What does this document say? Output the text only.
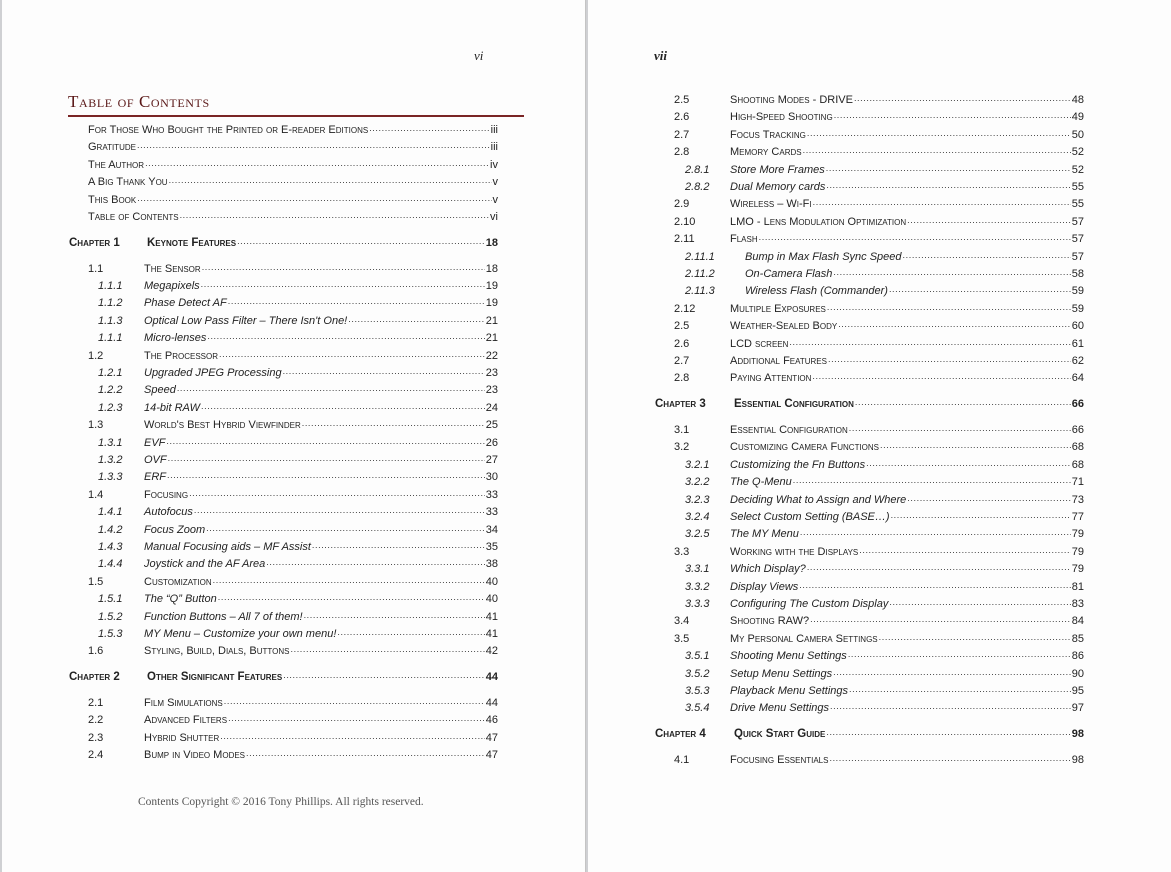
vi
Table of Contents
For Those Who Bought the Printed or E-reader Editions .....	iii
Gratitude .....	iii
The Author .....	iv
A Big Thank You .....	v
This Book .....	v
Table of Contents .....	vi
Chapter 1	Keynote Features .....	18
1.1	The Sensor .....	18
1.1.1	Megapixels .....	19
1.1.2	Phase Detect AF .....	19
1.1.3	Optical Low Pass Filter – There Isn't One! .....	21
1.1.1	Micro-lenses .....	21
1.2	The Processor .....	22
1.2.1	Upgraded JPEG Processing .....	23
1.2.2	Speed .....	23
1.2.3	14-bit RAW .....	24
1.3	World's Best Hybrid Viewfinder .....	25
1.3.1	EVF .....	26
1.3.2	OVF .....	27
1.3.3	ERF .....	30
1.4	Focusing .....	33
1.4.1	Autofocus .....	33
1.4.2	Focus Zoom .....	34
1.4.3	Manual Focusing aids – MF Assist .....	35
1.4.4	Joystick and the AF Area .....	38
1.5	Customization .....	40
1.5.1	The “Q” Button .....	40
1.5.2	Function Buttons – All 7 of them! .....	41
1.5.3	MY Menu – Customize your own menu! .....	41
1.6	Styling, Build, Dials, Buttons .....	42
Chapter 2	Other Significant Features .....	44
2.1	Film Simulations .....	44
2.2	Advanced Filters .....	46
2.3	Hybrid Shutter .....	47
2.4	Bump in Video Modes .....	47
Contents Copyright © 2016 Tony Phillips. All rights reserved.
vii
2.5	Shooting Modes - DRIVE .....	48
2.6	High-Speed Shooting .....	49
2.7	Focus Tracking .....	50
2.8	Memory Cards .....	52
2.8.1	Store More Frames .....	52
2.8.2	Dual Memory cards .....	55
2.9	Wireless – Wi-Fi .....	55
2.10	LMO - Lens Modulation Optimization .....	57
2.11	Flash .....	57
2.11.1	Bump in Max Flash Sync Speed .....	57
2.11.2	On-Camera Flash .....	58
2.11.3	Wireless Flash (Commander) .....	59
2.12	Multiple Exposures .....	59
2.5	Weather-Sealed Body .....	60
2.6	LCD screen .....	61
2.7	Additional Features .....	62
2.8	Paying Attention .....	64
Chapter 3	Essential Configuration .....	66
3.1	Essential Configuration .....	66
3.2	Customizing Camera Functions .....	68
3.2.1	Customizing the Fn Buttons .....	68
3.2.2	The Q-Menu .....	71
3.2.3	Deciding What to Assign and Where .....	73
3.2.4	Select Custom Setting (BASE…) .....	77
3.2.5	The MY Menu .....	79
3.3	Working with the Displays .....	79
3.3.1	Which Display? .....	79
3.3.2	Display Views .....	81
3.3.3	Configuring The Custom Display .....	83
3.4	Shooting RAW? .....	84
3.5	My Personal Camera Settings .....	85
3.5.1	Shooting Menu Settings .....	86
3.5.2	Setup Menu Settings .....	90
3.5.3	Playback Menu Settings .....	95
3.5.4	Drive Menu Settings .....	97
Chapter 4	Quick Start Guide .....	98
4.1	Focusing Essentials .....	98
